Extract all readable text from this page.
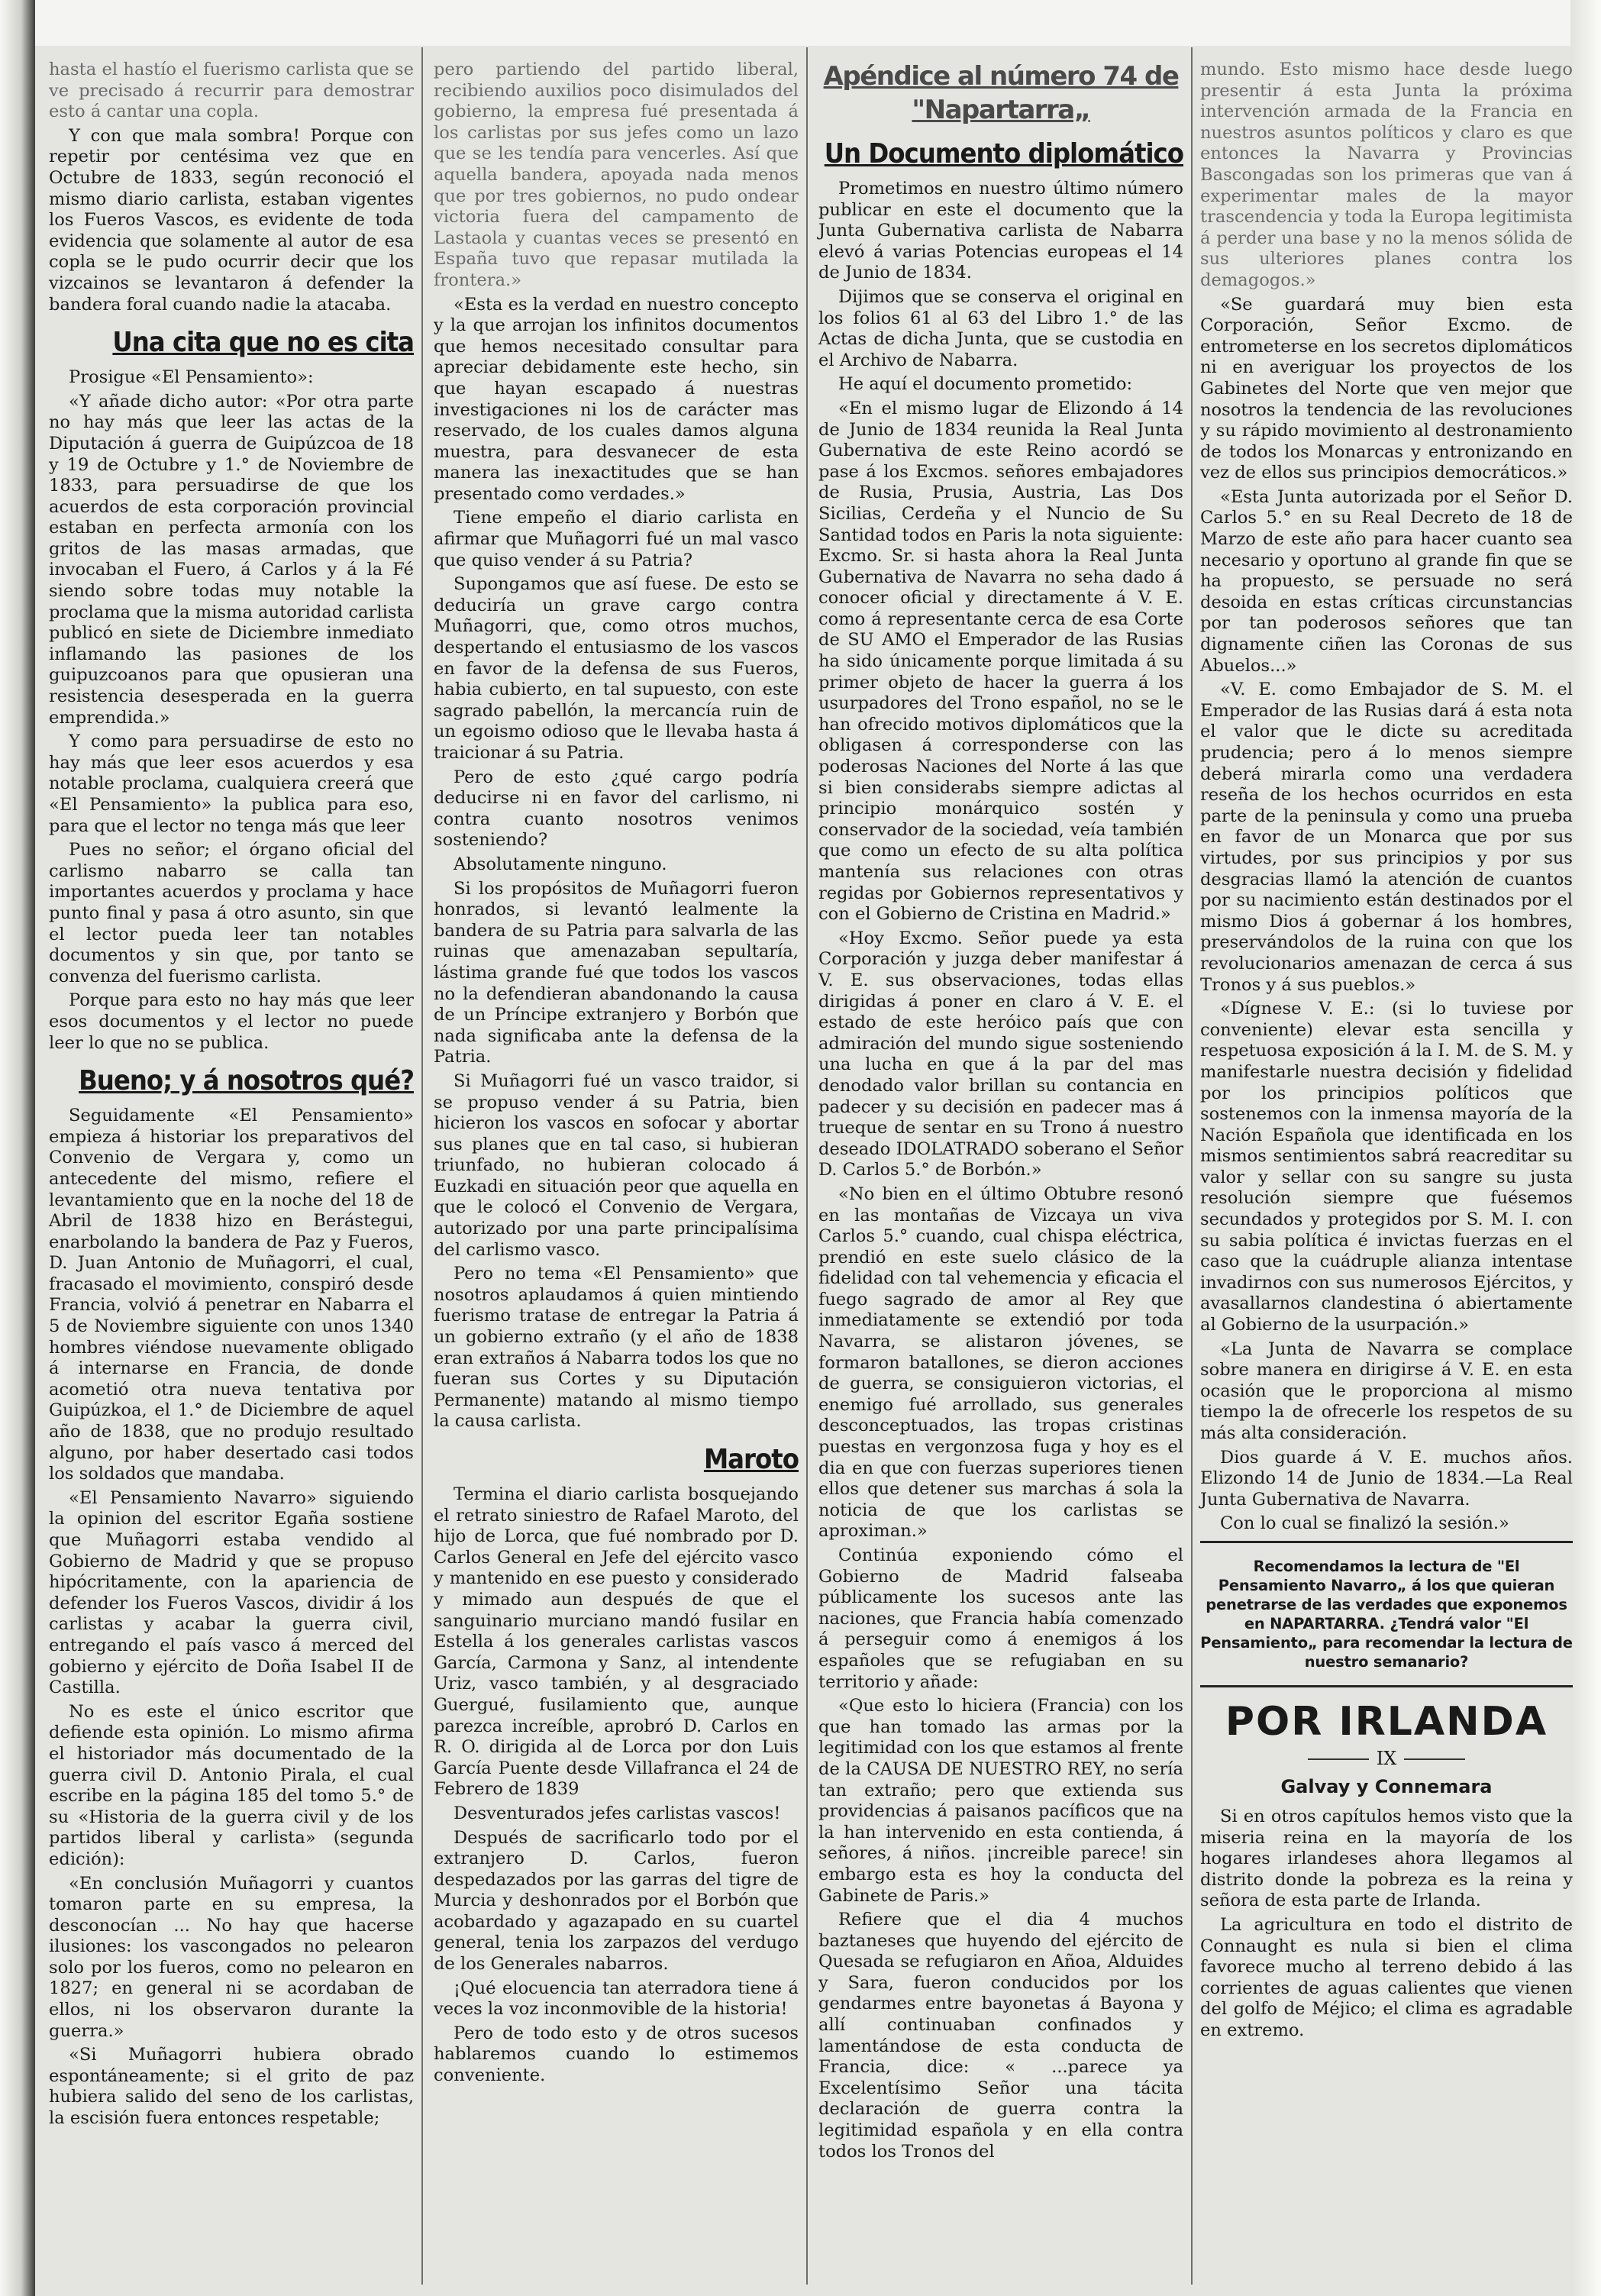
hasta el hastío el fuerismo carlista que se ve precisado á recurrir para demostrar esto á cantar una copla.

Y con que mala sombra! Porque con repetir por centésima vez que en Octubre de 1833, según reconoció el mismo diario carlista, estaban vigentes los Fueros Vascos, es evidente de toda evidencia que solamente al autor de esa copla se le pudo ocurrir decir que los vizcainos se levantaron á defender la bandera foral cuando nadie la atacaba.

Una cita que no es cita

Prosigue «El Pensamiento»:

«Y añade dicho autor: «Por otra parte no hay más que leer las actas de la Diputación á guerra de Guipúzcoa de 18 y 19 de Octubre y 1.° de Noviembre de 1833, para persuadirse de que los acuerdos de esta corporación provincial estaban en perfecta armonía con los gritos de las masas armadas, que invocaban el Fuero, á Carlos y á la Fé siendo sobre todas muy notable la proclama que la misma autoridad carlista publicó en siete de Diciembre inmediato inflamando las pasiones de los guipuzcoanos para que opusieran una resistencia desesperada en la guerra emprendida.»

Y como para persuadirse de esto no hay más que leer esos acuerdos y esa notable proclama, cualquiera creerá que «El Pensamiento» la publica para eso, para que el lector no tenga más que leer

Pues no señor; el órgano oficial del carlismo nabarro se calla tan importantes acuerdos y proclama y hace punto final y pasa á otro asunto, sin que el lector pueda leer tan notables documentos y sin que, por tanto se convenza del fuerismo carlista.

Porque para esto no hay más que leer esos documentos y el lector no puede leer lo que no se publica.

Bueno; y á nosotros qué?

Seguidamente «El Pensamiento» empieza á historiar los preparativos del Convenio de Vergara y, como un antecedente del mismo, refiere el levantamiento que en la noche del 18 de Abril de 1838 hizo en Berástegui, enarbolando la bandera de Paz y Fueros, D. Juan Antonio de Muñagorri, el cual, fracasado el movimiento, conspiró desde Francia, volvió á penetrar en Nabarra el 5 de Noviembre siguiente con unos 1340 hombres viéndose nuevamente obligado á internarse en Francia, de donde acometió otra nueva tentativa por Guipúzkoa, el 1.° de Diciembre de aquel año de 1838, que no produjo resultado alguno, por haber desertado casi todos los soldados que mandaba.

«El Pensamiento Navarro» siguiendo la opinion del escritor Egaña sostiene que Muñagorri estaba vendido al Gobierno de Madrid y que se propuso hipócritamente, con la apariencia de defender los Fueros Vascos, dividir á los carlistas y acabar la guerra civil, entregando el país vasco á merced del gobierno y ejército de Doña Isabel II de Castilla.

No es este el único escritor que defiende esta opinión. Lo mismo afirma el historiador más documentado de la guerra civil D. Antonio Pirala, el cual escribe en la página 185 del tomo 5.° de su «Historia de la guerra civil y de los partidos liberal y carlista» (segunda edición):

«En conclusión Muñagorri y cuantos tomaron parte en su empresa, la desconocían ... No hay que hacerse ilusiones: los vascongados no pelearon solo por los fueros, como no pelearon en 1827; en general ni se acordaban de ellos, ni los observaron durante la guerra.»

«Si Muñagorri hubiera obrado espontáneamente; si el grito de paz hubiera salido del seno de los carlistas, la escisión fuera entonces respetable;

pero partiendo del partido liberal, recibiendo auxilios poco disimulados del gobierno, la empresa fué presentada á los carlistas por sus jefes como un lazo que se les tendía para vencerles. Así que aquella bandera, apoyada nada menos que por tres gobiernos, no pudo ondear victoria fuera del campamento de Lastaola y cuantas veces se presentó en España tuvo que repasar mutilada la frontera.»

«Esta es la verdad en nuestro concepto y la que arrojan los infinitos documentos que hemos necesitado consultar para apreciar debidamente este hecho, sin que hayan escapado á nuestras investigaciones ni los de carácter mas reservado, de los cuales damos alguna muestra, para desvanecer de esta manera las inexactitudes que se han presentado como verdades.»

Tiene empeño el diario carlista en afirmar que Muñagorri fué un mal vasco que quiso vender á su Patria?

Supongamos que así fuese. De esto se deduciría un grave cargo contra Muñagorri, que, como otros muchos, despertando el entusiasmo de los vascos en favor de la defensa de sus Fueros, habia cubierto, en tal supuesto, con este sagrado pabellón, la mercancía ruin de un egoismo odioso que le llevaba hasta á traicionar á su Patria.

Pero de esto ¿qué cargo podría deducirse ni en favor del carlismo, ni contra cuanto nosotros venimos sosteniendo?

Absolutamente ninguno.

Si los propósitos de Muñagorri fueron honrados, si levantó lealmente la bandera de su Patria para salvarla de las ruinas que amenazaban sepultaría, lástima grande fué que todos los vascos no la defendieran abandonando la causa de un Príncipe extranjero y Borbón que nada significaba ante la defensa de la Patria.

Si Muñagorri fué un vasco traidor, si se propuso vender á su Patria, bien hicieron los vascos en sofocar y abortar sus planes que en tal caso, si hubieran triunfado, no hubieran colocado á Euzkadi en situación peor que aquella en que le colocó el Convenio de Vergara, autorizado por una parte principalísima del carlismo vasco.

Pero no tema «El Pensamiento» que nosotros aplaudamos á quien mintiendo fuerismo tratase de entregar la Patria á un gobierno extraño (y el año de 1838 eran extraños á Nabarra todos los que no fueran sus Cortes y su Diputación Permanente) matando al mismo tiempo la causa carlista.

Maroto

Termina el diario carlista bosquejando el retrato siniestro de Rafael Maroto, del hijo de Lorca, que fué nombrado por D. Carlos General en Jefe del ejército vasco y mantenido en ese puesto y considerado y mimado aun después de que el sanguinario murciano mandó fusilar en Estella á los generales carlistas vascos García, Carmona y Sanz, al intendente Uriz, vasco también, y al desgraciado Guergué, fusilamiento que, aunque parezca increíble, aprobró D. Carlos en R. O. dirigida al de Lorca por don Luis García Puente desde Villafranca el 24 de Febrero de 1839

Desventurados jefes carlistas vascos!

Después de sacrificarlo todo por el extranjero D. Carlos, fueron despedazados por las garras del tigre de Murcia y deshonrados por el Borbón que acobardado y agazapado en su cuartel general, tenia los zarpazos del verdugo de los Generales nabarros.

¡Qué elocuencia tan aterradora tiene á veces la voz inconmovible de la historia!

Pero de todo esto y de otros sucesos hablaremos cuando lo estimemos conveniente.

Apéndice al número 74 de "Napartarra„
Un Documento diplomático

Prometimos en nuestro último número publicar en este el documento que la Junta Gubernativa carlista de Nabarra elevó á varias Potencias europeas el 14 de Junio de 1834.

Dijimos que se conserva el original en los folios 61 al 63 del Libro 1.° de las Actas de dicha Junta, que se custodia en el Archivo de Nabarra.

He aquí el documento prometido:

«En el mismo lugar de Elizondo á 14 de Junio de 1834 reunida la Real Junta Gubernativa de este Reino acordó se pase á los Excmos. señores embajadores de Rusia, Prusia, Austria, Las Dos Sicilias, Cerdeña y el Nuncio de Su Santidad todos en Paris la nota siguiente: Excmo. Sr. si hasta ahora la Real Junta Gubernativa de Navarra no seha dado á conocer oficial y directamente á V. E. como á representante cerca de esa Corte de SU AMO el Emperador de las Rusias ha sido únicamente porque limitada á su primer objeto de hacer la guerra á los usurpadores del Trono español, no se le han ofrecido motivos diplomáticos que la obligasen á corresponderse con las poderosas Naciones del Norte á las que si bien considerabs siempre adictas al principio monárquico sostén y conservador de la sociedad, veía también que como un efecto de su alta política mantenía sus relaciones con otras regidas por Gobiernos representativos y con el Gobierno de Cristina en Madrid.»

«Hoy Excmo. Señor puede ya esta Corporación y juzga deber manifestar á V. E. sus observaciones, todas ellas dirigidas á poner en claro á V. E. el estado de este heróico país que con admiración del mundo sigue sosteniendo una lucha en que á la par del mas denodado valor brillan su contancia en padecer y su decisión en padecer mas á trueque de sentar en su Trono á nuestro deseado IDOLATRADO soberano el Señor D. Carlos 5.° de Borbón.»

«No bien en el último Obtubre resonó en las montañas de Vizcaya un viva Carlos 5.° cuando, cual chispa eléctrica, prendió en este suelo clásico de la fidelidad con tal vehemencia y eficacia el fuego sagrado de amor al Rey que inmediatamente se extendió por toda Navarra, se alistaron jóvenes, se formaron batallones, se dieron acciones de guerra, se consiguieron victorias, el enemigo fué arrollado, sus generales desconceptuados, las tropas cristinas puestas en vergonzosa fuga y hoy es el dia en que con fuerzas superiores tienen ellos que detener sus marchas á sola la noticia de que los carlistas se aproximan.»

Continúa exponiendo cómo el Gobierno de Madrid falseaba públicamente los sucesos ante las naciones, que Francia había comenzado á perseguir como á enemigos á los españoles que se refugiaban en su territorio y añade:

«Que esto lo hiciera (Francia) con los que han tomado las armas por la legitimidad con los que estamos al frente de la CAUSA DE NUESTRO REY, no sería tan extraño; pero que extienda sus providencias á paisanos pacíficos que na la han intervenido en esta contienda, á señores, á niños. ¡increible parece! sin embargo esta es hoy la conducta del Gabinete de Paris.»

Refiere que el dia 4 muchos baztaneses que huyendo del ejército de Quesada se refugiaron en Añoa, Alduides y Sara, fueron conducidos por los gendarmes entre bayonetas á Bayona y allí continuaban confinados y lamentándose de esta conducta de Francia, dice: « ...parece ya Excelentísimo Señor una tácita declaración de guerra contra la legitimidad española y en ella contra todos los Tronos del

mundo. Esto mismo hace desde luego presentir á esta Junta la próxima intervención armada de la Francia en nuestros asuntos políticos y claro es que entonces la Navarra y Provincias Bascongadas son los primeras que van á experimentar males de la mayor trascendencia y toda la Europa legitimista á perder una base y no la menos sólida de sus ulteriores planes contra los demagogos.»

«Se guardará muy bien esta Corporación, Señor Excmo. de entrometerse en los secretos diplomáticos ni en averiguar los proyectos de los Gabinetes del Norte que ven mejor que nosotros la tendencia de las revoluciones y su rápido movimiento al destronamiento de todos los Monarcas y entronizando en vez de ellos sus principios democráticos.»

«Esta Junta autorizada por el Señor D. Carlos 5.° en su Real Decreto de 18 de Marzo de este año para hacer cuanto sea necesario y oportuno al grande fin que se ha propuesto, se persuade no será desoida en estas críticas circunstancias por tan poderosos señores que tan dignamente ciñen las Coronas de sus Abuelos...»

«V. E. como Embajador de S. M. el Emperador de las Rusias dará á esta nota el valor que le dicte su acreditada prudencia; pero á lo menos siempre deberá mirarla como una verdadera reseña de los hechos ocurridos en esta parte de la peninsula y como una prueba en favor de un Monarca que por sus virtudes, por sus principios y por sus desgracias llamó la atención de cuantos por su nacimiento están destinados por el mismo Dios á gobernar á los hombres, preservándolos de la ruina con que los revolucionarios amenazan de cerca á sus Tronos y á sus pueblos.»

«Dígnese V. E.: (si lo tuviese por conveniente) elevar esta sencilla y respetuosa exposición á la I. M. de S. M. y manifestarle nuestra decisión y fidelidad por los principios políticos que sostenemos con la inmensa mayoría de la Nación Española que identificada en los mismos sentimientos sabrá reacreditar su valor y sellar con su sangre su justa resolución siempre que fuésemos secundados y protegidos por S. M. I. con su sabia política é invictas fuerzas en el caso que la cuádruple alianza intentase invadirnos con sus numerosos Ejércitos, y avasallarnos clandestina ó abiertamente al Gobierno de la usurpación.»

«La Junta de Navarra se complace sobre manera en dirigirse á V. E. en esta ocasión que le proporciona al mismo tiempo la de ofrecerle los respetos de su más alta consideración.

Dios guarde á V. E. muchos años. Elizondo 14 de Junio de 1834.—La Real Junta Gubernativa de Navarra.

Con lo cual se finalizó la sesión.»

Recomendamos la lectura de "El Pensamiento Navarro„ á los que quieran penetrarse de las verdades que exponemos en NAPARTARRA. ¿Tendrá valor "El Pensamiento„ para recomendar la lectura de nuestro semanario?
POR IRLANDA
IX
Galvay y Connemara

Si en otros capítulos hemos visto que la miseria reina en la mayoría de los hogares irlandeses ahora llegamos al distrito donde la pobreza es la reina y señora de esta parte de Irlanda.

La agricultura en todo el distrito de Connaught es nula si bien el clima favorece mucho al terreno debido á las corrientes de aguas calientes que vienen del golfo de Méjico; el clima es agradable en extremo.
